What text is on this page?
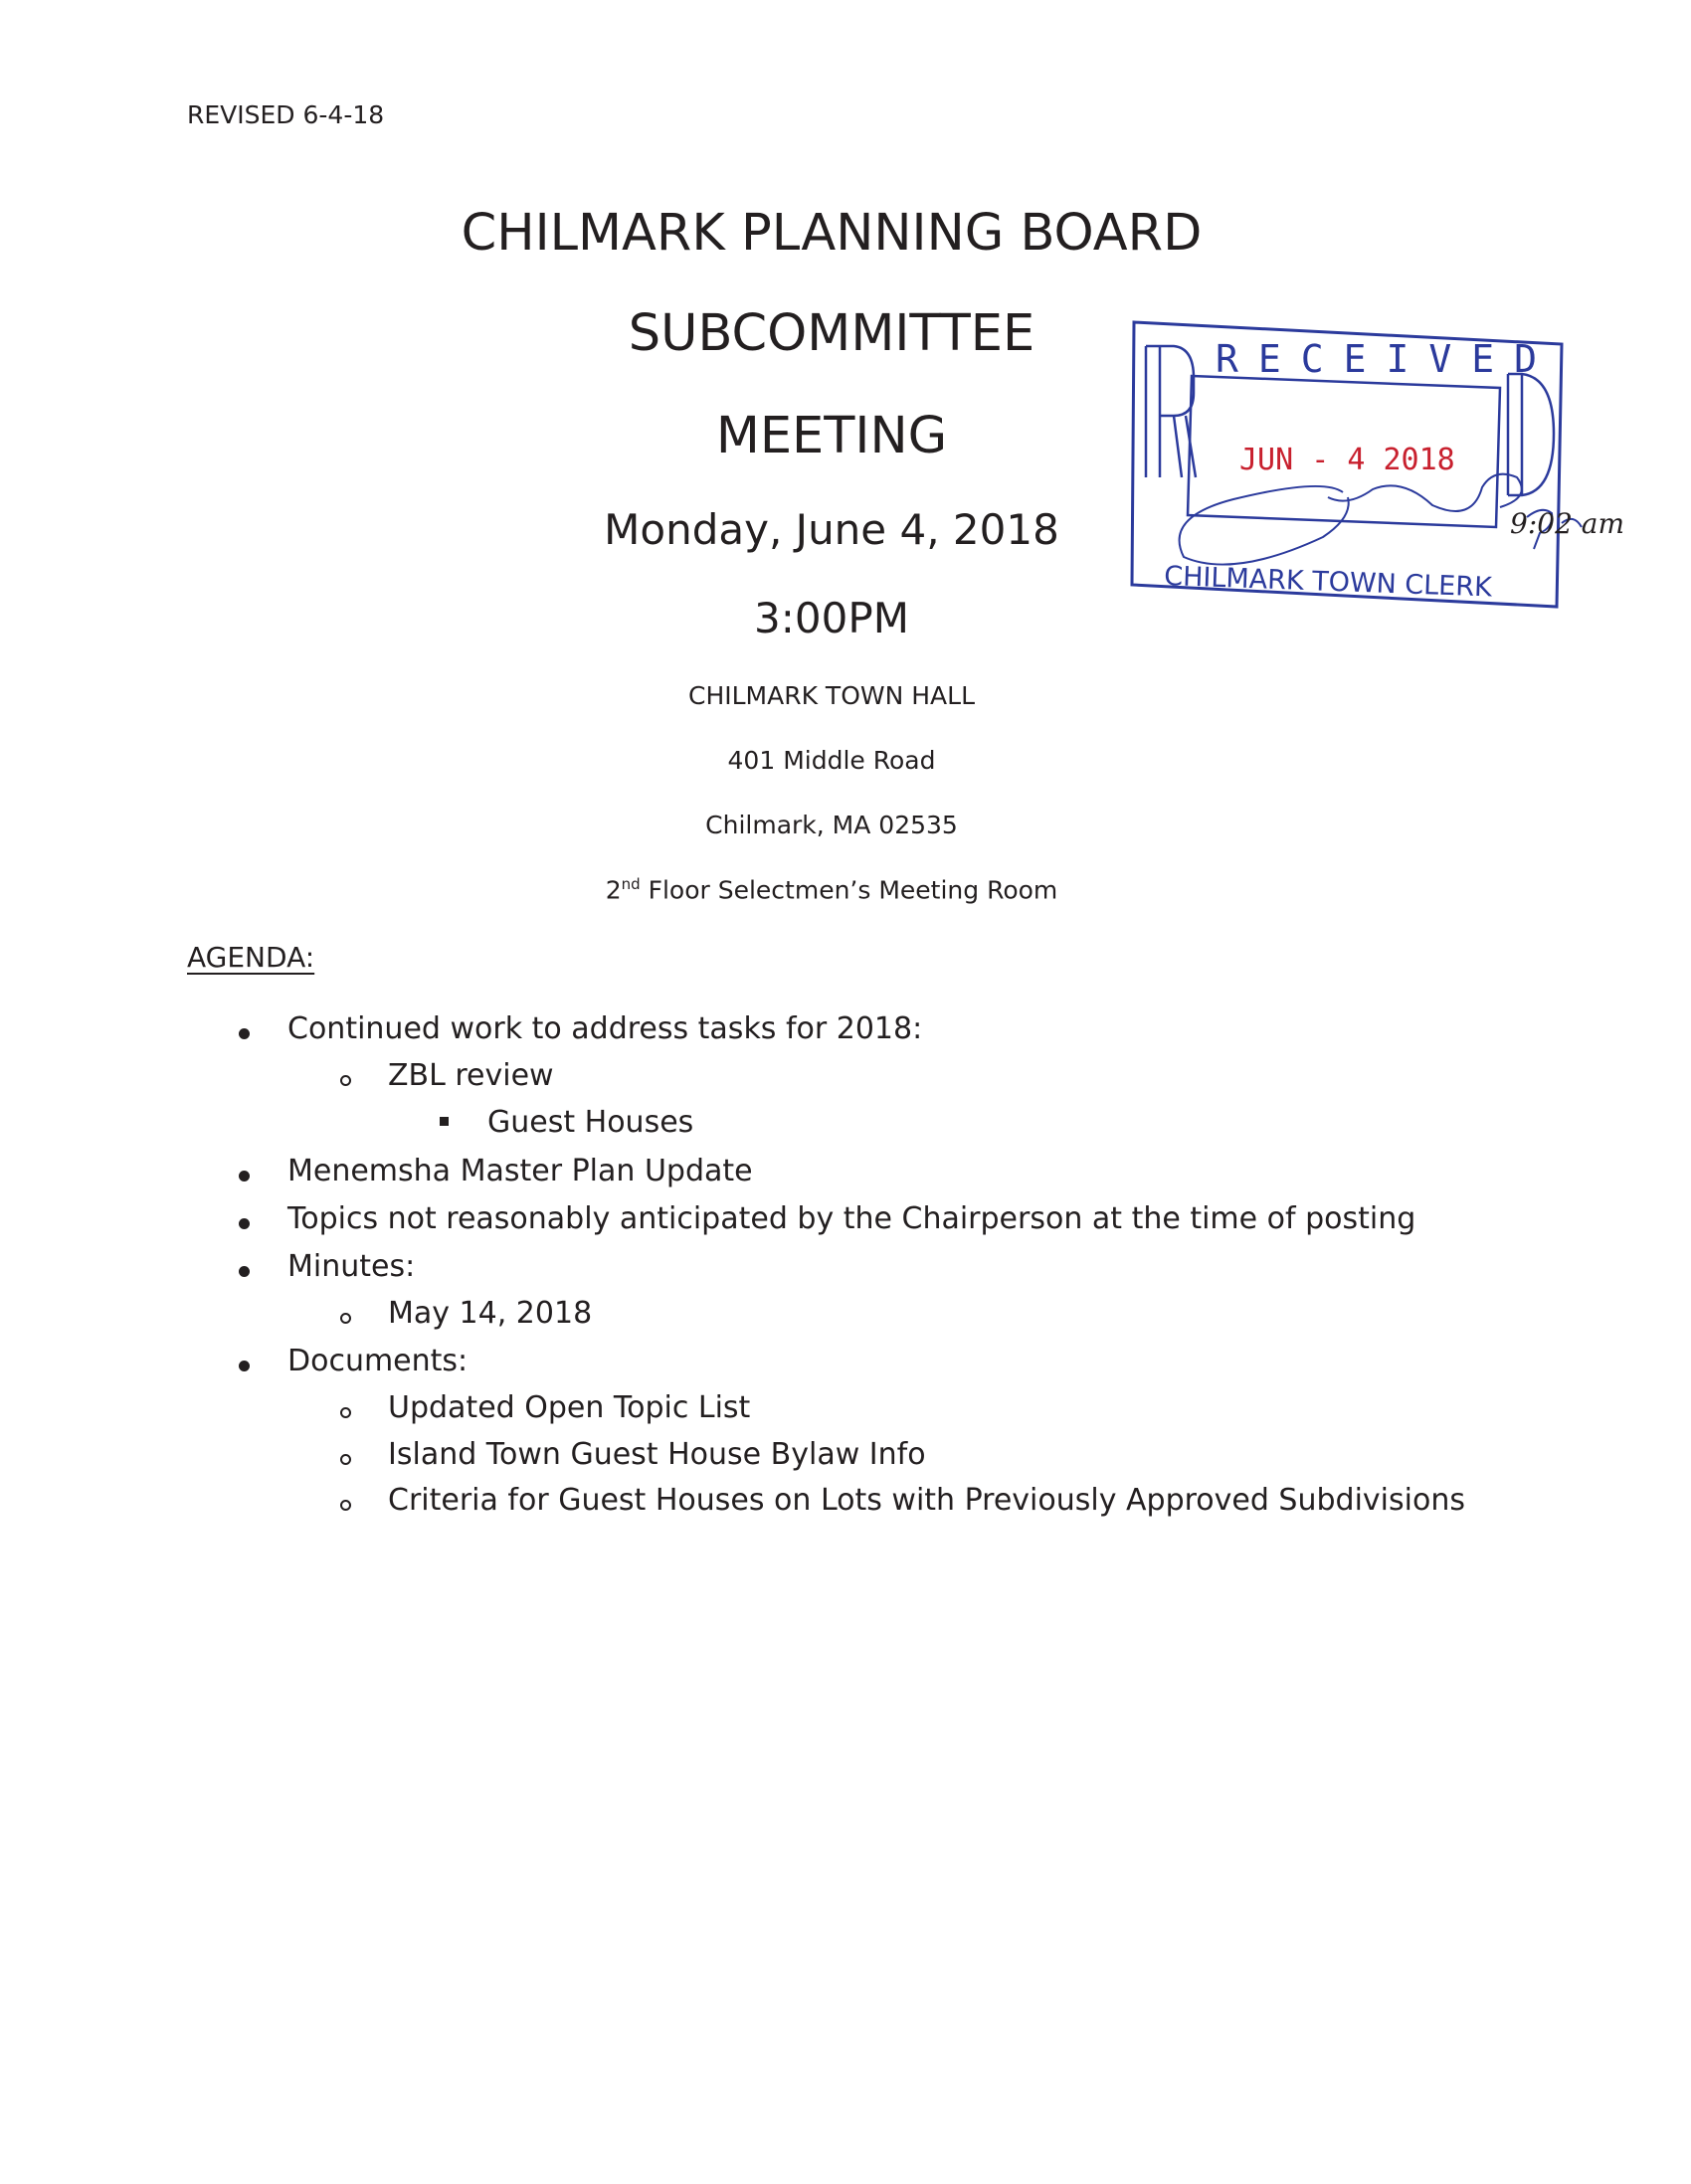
REVISED 6-4-18
CHILMARK PLANNING BOARD
SUBCOMMITTEE
MEETING
Monday, June 4, 2018
3:00PM
CHILMARK TOWN HALL
401 Middle Road
Chilmark, MA 02535
2nd Floor Selectmen’s Meeting Room
AGENDA:
Continued work to address tasks for 2018:
ZBL review
Guest Houses
Menemsha Master Plan Update
Topics not reasonably anticipated by the Chairperson at the time of posting
Minutes:
May 14, 2018
Documents:
Updated Open Topic List
Island Town Guest House Bylaw Info
Criteria for Guest Houses on Lots with Previously Approved Subdivisions
RECEIVED
JUN - 4 2018
CHILMARK TOWN CLERK
9:02 am
